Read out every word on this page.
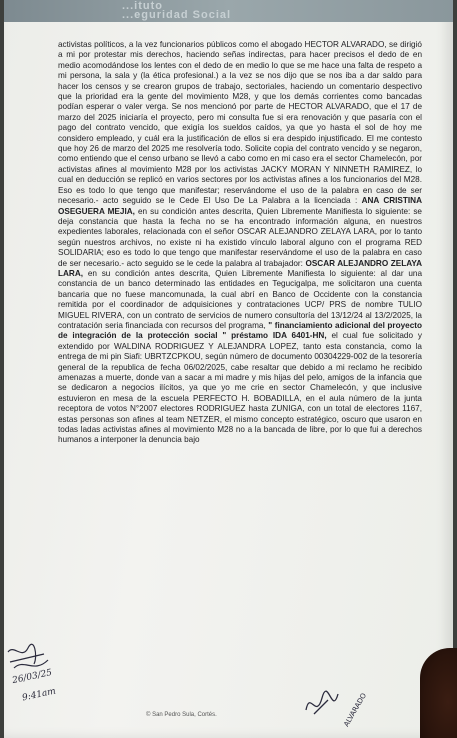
...ituto
...eguridad Social

activistas políticos, a la vez funcionarios públicos como el abogado HECTOR ALVARADO, se dirigió a mi por protestar mis derechos, haciendo señas indirectas, para hacer precisos el dedo de en medio acomodándose los lentes con el dedo de en medio lo que se me hace una falta de respeto a mi persona, la sala y (la ética profesional.) a la vez se nos dijo que se nos iba a dar saldo para hacer los censos y se crearon grupos de trabajo, sectoriales, haciendo un comentario despectivo que la prioridad era la gente del movimiento M28, y que los demás corrientes como bancadas podían esperar o valer verga. Se nos mencionó por parte de HECTOR ALVARADO, que el 17 de marzo del 2025 iniciaría el proyecto, pero mi consulta fue si era renovación y que pasaría con el pago del contrato vencido, que exigía los sueldos caídos, ya que yo hasta el sol de hoy me considero empleado, y cuál era la justificación de ellos si era despido injustificado. El me contesto que hoy 26 de marzo del 2025 me resolvería todo. Solicite copia del contrato vencido y se negaron, como entiendo que el censo urbano se llevó a cabo como en mi caso era el sector Chamelecón, por activistas afines al movimiento M28 por los activistas JACKY MORAN Y NINNETH RAMIREZ, lo cual en deducción se replicó en varios sectores por los activistas afines a los funcionarios del M28. Eso es todo lo que tengo que manifestar; reservándome el uso de la palabra en caso de ser necesario.- acto seguido se le Cede El Uso De La Palabra a la licenciada : ANA CRISTINA OSEGUERA MEJIA, en su condición antes descrita, Quien Libremente Manifiesta lo siguiente: se deja constancia que hasta la fecha no se ha encontrado información alguna, en nuestros expedientes laborales, relacionada con el señor OSCAR ALEJANDRO ZELAYA LARA, por lo tanto según nuestros archivos, no existe ni ha existido vínculo laboral alguno con el programa RED SOLIDARIA; eso es todo lo que tengo que manifestar reservándome el uso de la palabra en caso de ser necesario.- acto seguido se le cede la palabra al trabajador: OSCAR ALEJANDRO ZELAYA LARA, en su condición antes descrita, Quien Libremente Manifiesta lo siguiente: al dar una constancia de un banco determinado las entidades en Tegucigalpa, me solicitaron una cuenta bancaria que no fuese mancomunada, la cual abrí en Banco de Occidente con la constancia remitida por el coordinador de adquisiciones y contrataciones UCP/ PRS de nombre TULIO MIGUEL RIVERA, con un contrato de servicios de numero consultoría del 13/12/24 al 13/2/2025, la contratación seria financiada con recursos del programa, " financiamiento adicional del proyecto de integración de la protección social " préstamo IDA 6401-HN, el cual fue solicitado y extendido por WALDINA RODRIGUEZ Y ALEJANDRA LOPEZ, tanto esta constancia, como la entrega de mi pin Siafi: UBRTZCPKOU, según número de documento 00304229-002 de la tesorería general de la republica de fecha 06/02/2025, cabe resaltar que debido a mi reclamo he recibido amenazas a muerte, donde van a sacar a mi madre y mis hijas del pelo, amigos de la infancia que se dedicaron a negocios ilícitos, ya que yo me crie en sector Chamelecón, y que inclusive estuvieron en mesa de la escuela PERFECTO H. BOBADILLA, en el aula número de la junta receptora de votos N°2007 electores RODRIGUEZ hasta ZUNIGA, con un total de electores 1167, estas personas son afines al team NETZER, el mismo concepto estratégico, oscuro que usaron en todas ladas activistas afines al movimiento M28 no a la bancada de libre, por lo que fui a derechos humanos a interponer la denuncia bajo

26/03/25
9:41am	ALVARADO
© San Pedro Sula, Cortés.
